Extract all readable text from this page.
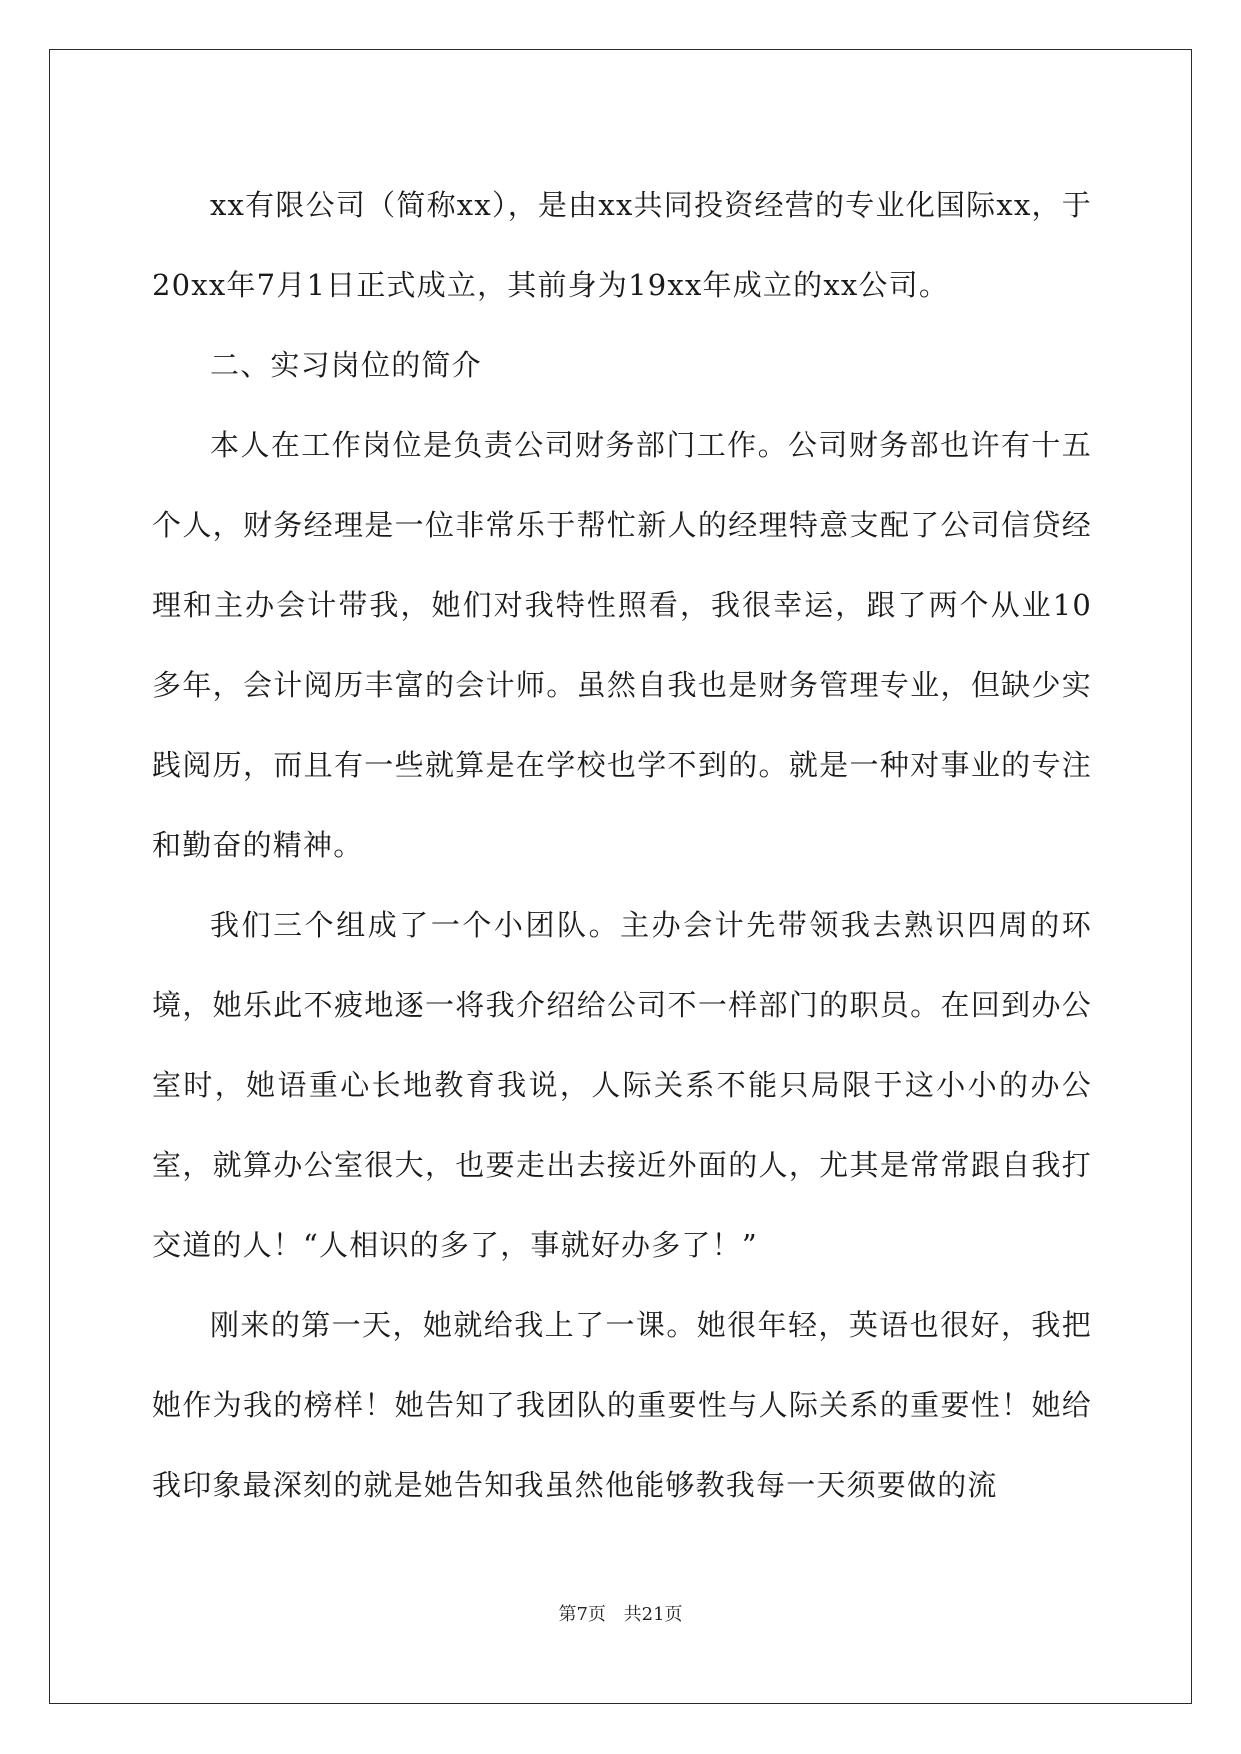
xx有限公司（简称xx），是由xx共同投资经营的专业化国际xx，于20xx年7月1日正式成立，其前身为19xx年成立的xx公司。

二、实习岗位的简介

本人在工作岗位是负责公司财务部门工作。公司财务部也许有十五个人，财务经理是一位非常乐于帮忙新人的经理特意支配了公司信贷经理和主办会计带我，她们对我特性照看，我很幸运，跟了两个从业10多年，会计阅历丰富的会计师。虽然自我也是财务管理专业，但缺少实践阅历，而且有一些就算是在学校也学不到的。就是一种对事业的专注和勤奋的精神。

我们三个组成了一个小团队。主办会计先带领我去熟识四周的环境，她乐此不疲地逐一将我介绍给公司不一样部门的职员。在回到办公室时，她语重心长地教育我说，人际关系不能只局限于这小小的办公室，就算办公室很大，也要走出去接近外面的人，尤其是常常跟自我打交道的人！“人相识的多了，事就好办多了！”

刚来的第一天，她就给我上了一课。她很年轻，英语也很好，我把她作为我的榜样！她告知了我团队的重要性与人际关系的重要性！她给我印象最深刻的就是她告知我虽然他能够教我每一天须要做的流

第7页 共21页
